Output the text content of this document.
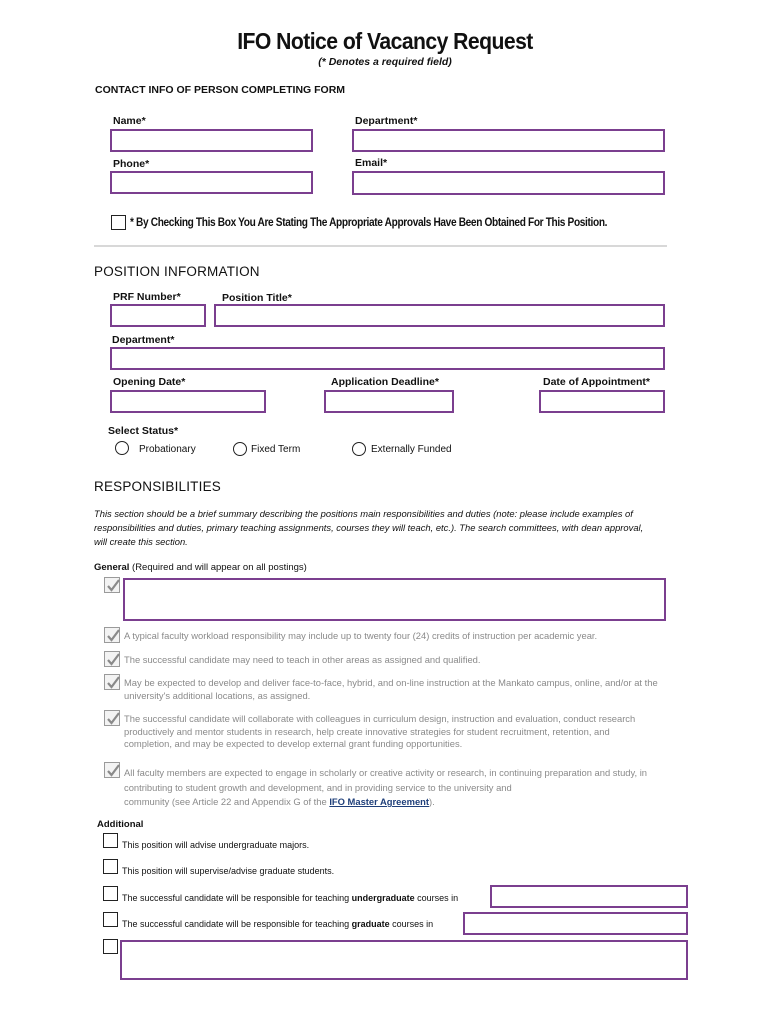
IFO Notice of Vacancy Request
(* Denotes a required field)
CONTACT INFO OF PERSON COMPLETING FORM
Name*	Department*
Phone*	Email*
* By Checking This Box You Are Stating The Appropriate Approvals Have Been Obtained For This Position.
POSITION INFORMATION
PRF Number*	Position Title*
Department*
Opening Date*	Application Deadline*	Date of Appointment*
Select Status*
Probationary	Fixed Term	Externally Funded
RESPONSIBILITIES
This section should be a brief summary describing the positions main responsibilities and duties (note: please include examples of
responsibilities and duties, primary teaching assignments, courses they will teach, etc.). The search committees, with dean approval,
will create this section.
General (Required and will appear on all postings)
A typical faculty workload responsibility may include up to twenty four (24) credits of instruction per academic year.
The successful candidate may need to teach in other areas as assigned and qualified.
May be expected to develop and deliver face-to-face, hybrid, and on-line instruction at the Mankato campus, online, and/or at the
university's additional locations, as assigned.
The successful candidate will collaborate with colleagues in curriculum design, instruction and evaluation, conduct research
productively and mentor students in research, help create innovative strategies for student recruitment, retention, and
completion, and may be expected to develop external grant funding opportunities.
All faculty members are expected to engage in scholarly or creative activity or research, in continuing preparation and study, in
contributing to student growth and development, and in providing service to the university and
community (see Article 22 and Appendix G of the IFO Master Agreement).
Additional
This position will advise undergraduate majors.
This position will supervise/advise graduate students.
The successful candidate will be responsible for teaching undergraduate courses in
The successful candidate will be responsible for teaching graduate courses in
